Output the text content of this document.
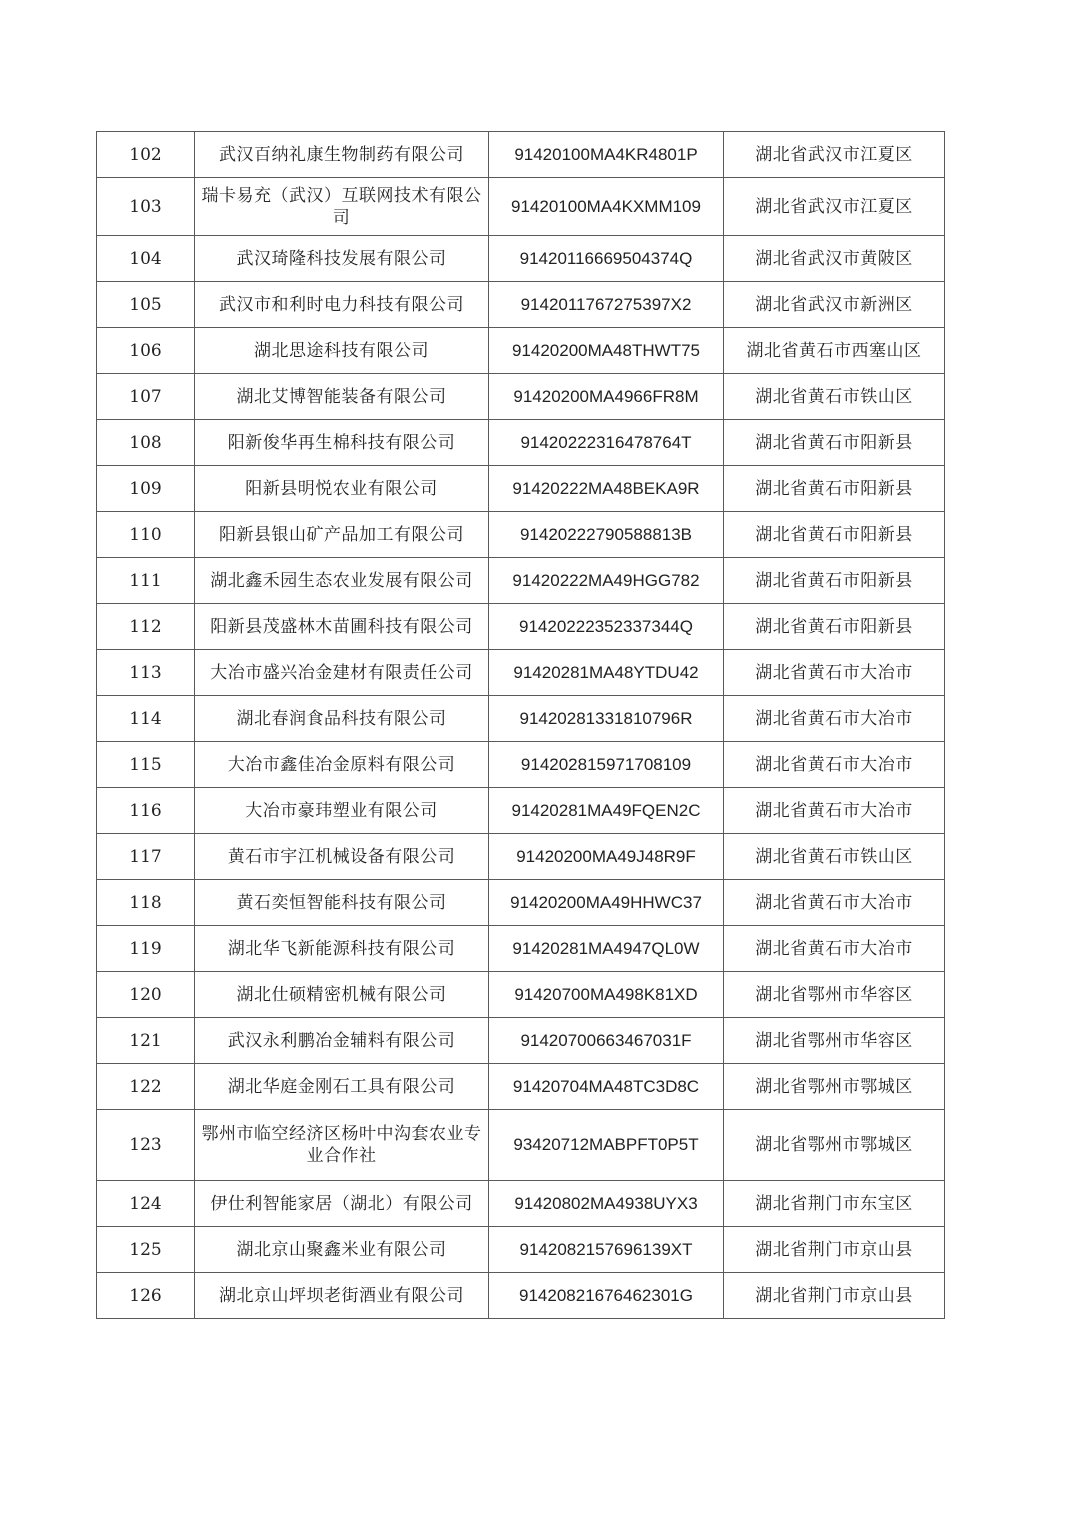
102	武汉百纳礼康生物制药有限公司	91420100MA4KR4801P	湖北省武汉市江夏区
103	瑞卡易充（武汉）互联网技术有限公司	91420100MA4KXMM109	湖北省武汉市江夏区
104	武汉琦隆科技发展有限公司	91420116669504374Q	湖北省武汉市黄陂区
105	武汉市和利时电力科技有限公司	9142011767275397X2	湖北省武汉市新洲区
106	湖北思途科技有限公司	91420200MA48THWT75	湖北省黄石市西塞山区
107	湖北艾博智能装备有限公司	91420200MA4966FR8M	湖北省黄石市铁山区
108	阳新俊华再生棉科技有限公司	91420222316478764T	湖北省黄石市阳新县
109	阳新县明悦农业有限公司	91420222MA48BEKA9R	湖北省黄石市阳新县
110	阳新县银山矿产品加工有限公司	91420222790588813B	湖北省黄石市阳新县
111	湖北鑫禾园生态农业发展有限公司	91420222MA49HGG782	湖北省黄石市阳新县
112	阳新县茂盛林木苗圃科技有限公司	91420222352337344Q	湖北省黄石市阳新县
113	大冶市盛兴冶金建材有限责任公司	91420281MA48YTDU42	湖北省黄石市大冶市
114	湖北春润食品科技有限公司	91420281331810796R	湖北省黄石市大冶市
115	大冶市鑫佳冶金原料有限公司	914202815971708109	湖北省黄石市大冶市
116	大冶市豪玮塑业有限公司	91420281MA49FQEN2C	湖北省黄石市大冶市
117	黄石市宇江机械设备有限公司	91420200MA49J48R9F	湖北省黄石市铁山区
118	黄石奕恒智能科技有限公司	91420200MA49HHWC37	湖北省黄石市大冶市
119	湖北华飞新能源科技有限公司	91420281MA4947QL0W	湖北省黄石市大冶市
120	湖北仕硕精密机械有限公司	91420700MA498K81XD	湖北省鄂州市华容区
121	武汉永利鹏冶金辅料有限公司	91420700663467031F	湖北省鄂州市华容区
122	湖北华庭金刚石工具有限公司	91420704MA48TC3D8C	湖北省鄂州市鄂城区
123	鄂州市临空经济区杨叶中沟套农业专业合作社	93420712MABPFT0P5T	湖北省鄂州市鄂城区
124	伊仕利智能家居（湖北）有限公司	91420802MA4938UYX3	湖北省荆门市东宝区
125	湖北京山聚鑫米业有限公司	9142082157696139XT	湖北省荆门市京山县
126	湖北京山坪坝老街酒业有限公司	91420821676462301G	湖北省荆门市京山县
